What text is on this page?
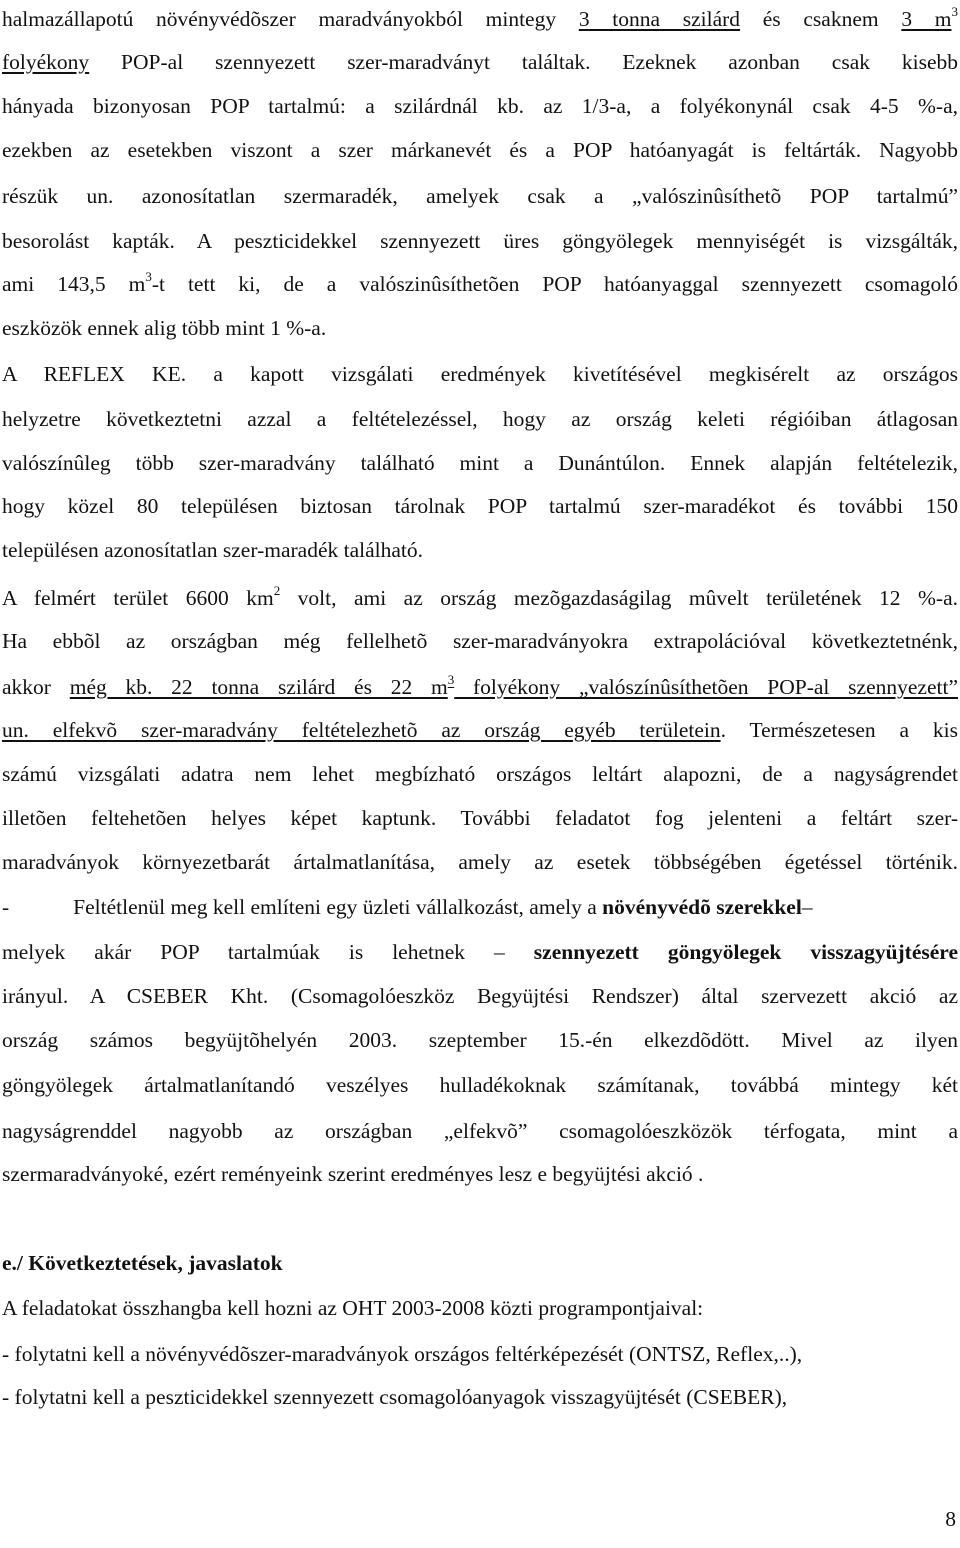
halmazállapotú növényvédõszer maradványokból mintegy 3 tonna szilárd és csaknem 3 $m^3$
folyékony POP-al szennyezett szer-maradványt találtak. Ezeknek azonban csak kisebb
hányada bizonyosan POP tartalmú: a szilárdnál kb. az 1/3-a, a folyékonynál csak 4-5 %-a,
ezekben az esetekben viszont a szer márkanevét és a POP hatóanyagát is feltárták. Nagyobb
részük un. azonosítatlan szermaradék, amelyek csak a „valószinûsíthetõ POP tartalmú”
besorolást kapták. A peszticidekkel szennyezett üres göngyölegek mennyiségét is vizsgálták,
ami 143,5 $m^3-t$ tett ki, de a valószinûsíthetõen POP hatóanyaggal szennyezett csomagoló
eszközök ennek alig több mint 1 %-a.
A REFLEX KE. a kapott vizsgálati eredmények kivetítésével megkisérelt az országos
helyzetre következtetni azzal a feltételezéssel, hogy az ország keleti régióiban átlagosan
valószínûleg több szer-maradvány található mint a Dunántúlon. Ennek alapján feltételezik,
hogy közel 80 településen biztosan tárolnak POP tartalmú szer-maradékot és további 150
településen azonosítatlan szer-maradék található.
A felmért terület 6600 $km^2$ volt, ami az ország mezõgazdaságilag mûvelt területének 12 %-a.
Ha ebbõl az országban még fellelhetõ szer-maradványokra extrapolációval következtetnénk,
akkor még kb. 22 tonna szilárd és 22 $m^3$ folyékony „valószínûsíthetõen POP-al szennyezett”
un. elfekvõ szer-maradvány feltételezhetõ az ország egyéb területein. Természetesen a kis
számú vizsgálati adatra nem lehet megbízható országos leltárt alapozni, de a nagyságrendet
illetõen feltehetõen helyes képet kaptunk. További feladatot fog jelenteni a feltárt szer-
maradványok környezetbarát ártalmatlanítása, amely az esetek többségében égetéssel történik.
-	Feltétlenül meg kell említeni egy üzleti vállalkozást, amely a növényvédõ szerekkel–
melyek akár POP tartalmúak is lehetnek – szennyezett göngyölegek visszagyüjtésére
irányul. A CSEBER Kht. (Csomagolóeszköz Begyüjtési Rendszer) által szervezett akció az
ország számos begyüjtõhelyén 2003. szeptember 15.-én elkezdõdött. Mivel az ilyen
göngyölegek ártalmatlanítandó veszélyes hulladékoknak számítanak, továbbá mintegy két
nagyságrenddel nagyobb az országban „elfekvõ” csomagolóeszközök térfogata, mint a
szermaradványoké, ezért reményeink szerint eredményes lesz e begyüjtési akció .
e./ Következtetések, javaslatok
A feladatokat összhangba kell hozni az OHT 2003-2008 közti programpontjaival:
- folytatni kell a növényvédõszer-maradványok országos feltérképezését (ONTSZ, Reflex,..),
- folytatni kell a peszticidekkel szennyezett csomagolóanyagok visszagyüjtését (CSEBER),
8
